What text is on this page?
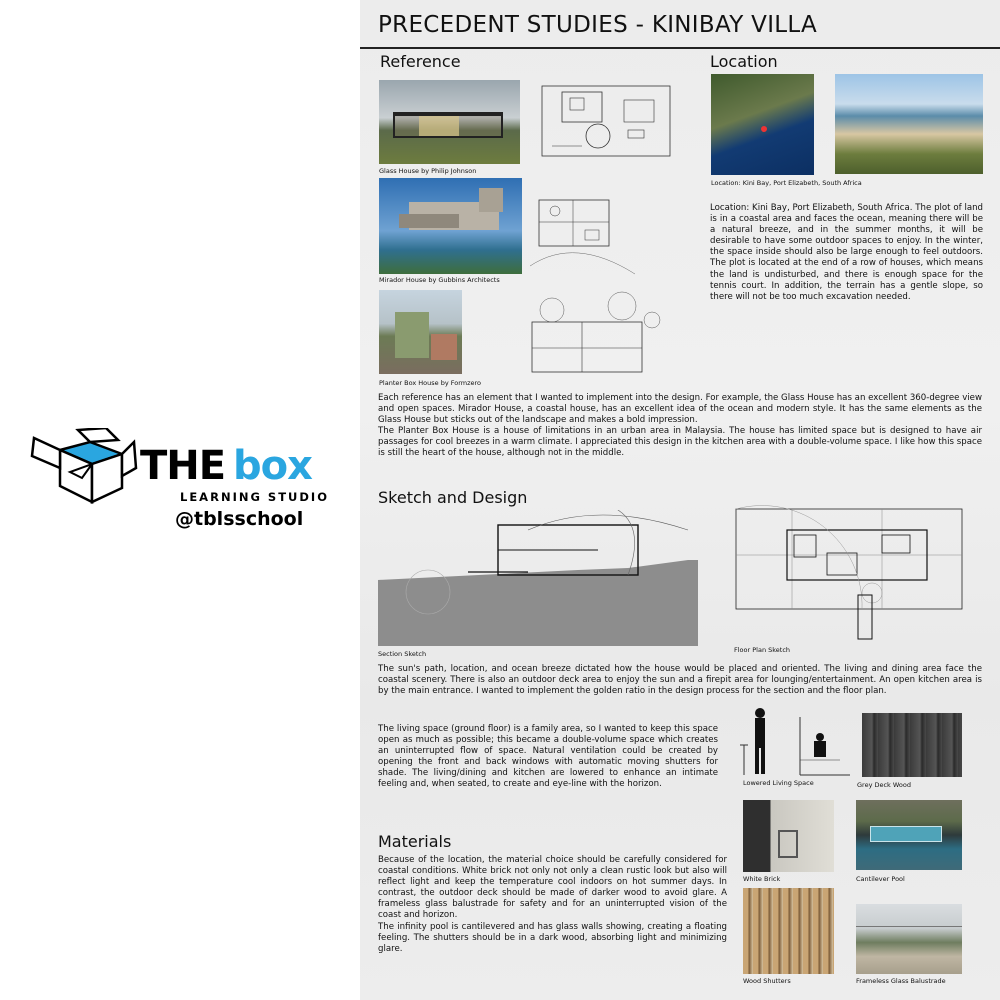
THE box
LEARNING STUDIO
@tblsschool
PRECEDENT STUDIES - KINIBAY VILLA
Reference
Glass House by Philip Johnson
Mirador House by Gubbins Architects
Planter Box House by Formzero
Each reference has an element that I wanted to implement into the design. For example, the Glass House has an excellent 360-degree view and open spaces. Mirador House, a coastal house, has an excellent idea of the ocean and modern style. It has the same elements as the Glass House but sticks out of the landscape and makes a bold impression.
The Planter Box House is a house of limitations in an urban area in Malaysia. The house has limited space but is designed to have air passages for cool breezes in a warm climate. I appreciated this design in the kitchen area with a double-volume space. I like how this space is still the heart of the house, although not in the middle.
Location
Location: Kini Bay, Port Elizabeth, South Africa
Location: Kini Bay, Port Elizabeth, South Africa. The plot of land is in a coastal area and faces the ocean, meaning there will be a natural breeze, and in the summer months, it will be desirable to have some outdoor spaces to enjoy. In the winter, the space inside should also be large enough to feel outdoors. The plot is located at the end of a row of houses, which means the land is undisturbed, and there is enough space for the tennis court. In addition, the terrain has a gentle slope, so there will not be too much excavation needed.
Sketch and Design
Section Sketch	Floor Plan Sketch
The sun's path, location, and ocean breeze dictated how the house would be placed and oriented. The living and dining area face the coastal scenery. There is also an outdoor deck area to enjoy the sun and a firepit area for lounging/entertainment. An open kitchen area is by the main entrance. I wanted to implement the golden ratio in the design process for the section and the floor plan.
The living space (ground floor) is a family area, so I wanted to keep this space open as much as possible; this became a double-volume space which creates an uninterrupted flow of space. Natural ventilation could be created by opening the front and back windows with automatic moving shutters for shade. The living/dining and kitchen are lowered to enhance an intimate feeling and, when seated, to create and eye-line with the horizon.
Materials
Because of the location, the material choice should be carefully considered for coastal conditions. White brick not only not only a clean rustic look but also will reflect light and keep the temperature cool indoors on hot summer days. In contrast, the outdoor deck should be made of darker wood to avoid glare. A frameless glass balustrade for safety and for an uninterrupted vision of the coast and horizon.
The infinity pool is cantilevered and has glass walls showing, creating a floating feeling. The shutters should be in a dark wood, absorbing light and minimizing glare.
Lowered Living Space	Grey Deck Wood
White Brick	Cantilever Pool
Wood Shutters	Frameless Glass Balustrade
